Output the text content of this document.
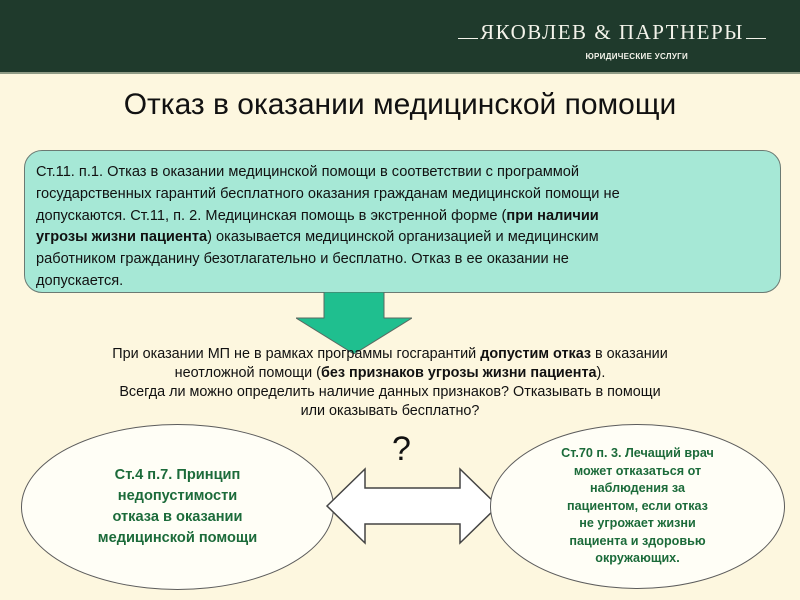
ЯКОВЛЕВ & ПАРТНЕРЫ
ЮРИДИЧЕСКИЕ УСЛУГИ
Отказ в оказании медицинской помощи
Ст.11. п.1. Отказ в оказании медицинской помощи в соответствии с программой
государственных гарантий бесплатного оказания гражданам медицинской помощи не
допускаются. Ст.11, п. 2. Медицинская помощь в экстренной форме (при наличии
угрозы жизни пациента) оказывается медицинской организацией и медицинским
работником гражданину безотлагательно и бесплатно. Отказ в ее оказании не
допускается.
При оказании МП не в рамках программы госгарантий допустим отказ в оказании
неотложной помощи (без признаков угрозы жизни пациента).
Всегда ли можно определить наличие данных признаков? Отказывать в помощи
или оказывать бесплатно?
Ст.4 п.7. Принцип
недопустимости
отказа в оказании
медицинской помощи
?	Ст.70 п. 3. Лечащий врач
может отказаться от
наблюдения за
пациентом, если отказ
не угрожает жизни
пациента и здоровью
окружающих.
